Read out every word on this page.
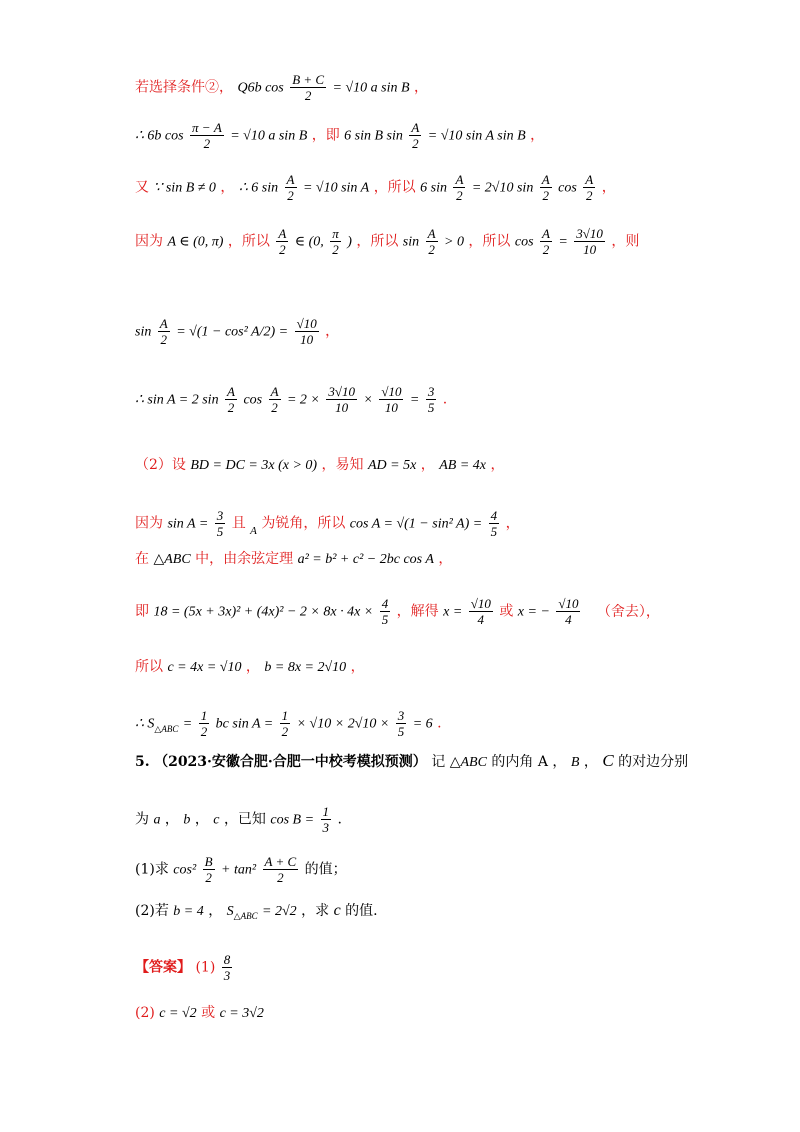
若选择条件②， Q6b $\cos \frac{B + C}{2} = √10$ a sin B ，
∴ 6b $\cos \frac{\pi - A}{2} = √10$ a sin B ，即 6 sin B $\sin \frac{A}{2} = √10$ sin A sin B ，
又 ∵ sin B ≠ 0 ， ∴ 6 $\sin \frac{A}{2} = √10$ sin A ，所以 6 $\sin \frac{A}{2} = 2√10$ $\sin \frac{A}{2}$ $\cos \frac{A}{2}$ ，
因为 A ∈ (0, π) ，所以 $\frac{A}{2}$ ∈ (0, $\frac{\pi}{2}$ ) ，所以 $\sin \frac{A}{2} > 0$ ，所以 $\cos \frac{A}{2} = \frac{3√10}{10}$ ，则
$\sin \frac{A}{2} = √(1 - \cos^2$ $A/2) = \frac{√10}{10}$ ，
∴ sin A = 2 $\sin \frac{A}{2}$ $\cos \frac{A}{2} = 2 \times \frac{3√10}{10} \times \frac{√10}{10} = \frac{3}{5}$ .
（2）设 BD = DC = 3x (x > 0) ，易知 AD = 5x ， AB = 4x ，
因为 $\sin A = \frac{3}{5}$ 且 $_A$ 为锐角，所以 cos A = √(1 − sin² $A) = \frac{4}{5}$ ，
在 △ABC 中，由余弦定理 a² = b² + c² − 2bc cos A ，
即 $18 = (5x + 3x)^2 + (4x)^2 - 2 \times 8x \cdot 4x \times \frac{4}{5}$ ，解得 $x = \frac{√10}{4}$ 或 x = − $\frac{√10}{4}$ （舍去），
所以 c = 4x = √10 ， b = 8x = 2√10 ，
∴ $S_{\triangle ABC} = \frac{1}{2}$ bc $\sin A = \frac{1}{2} \times √10 \times 2√10 \times \frac{3}{5} = 6$ .
5. （2023·安徽合肥·合肥一中校考模拟预测） 记 △ABC 的内角 A ， B ， C 的对边分别
为 a ， b ， c ，已知 $\cos B = \frac{1}{3}$ .
(1)求 $\cos^2 \frac{B}{2} + \tan^2 \frac{A + C}{2}$ 的值；
(2)若 b = 4 ， $S_{\triangle ABC} = 2√2$ ，求 c 的值.
【答案】 $(1) \frac{8}{3}$
(2) c = √2 或 c = 3√2
